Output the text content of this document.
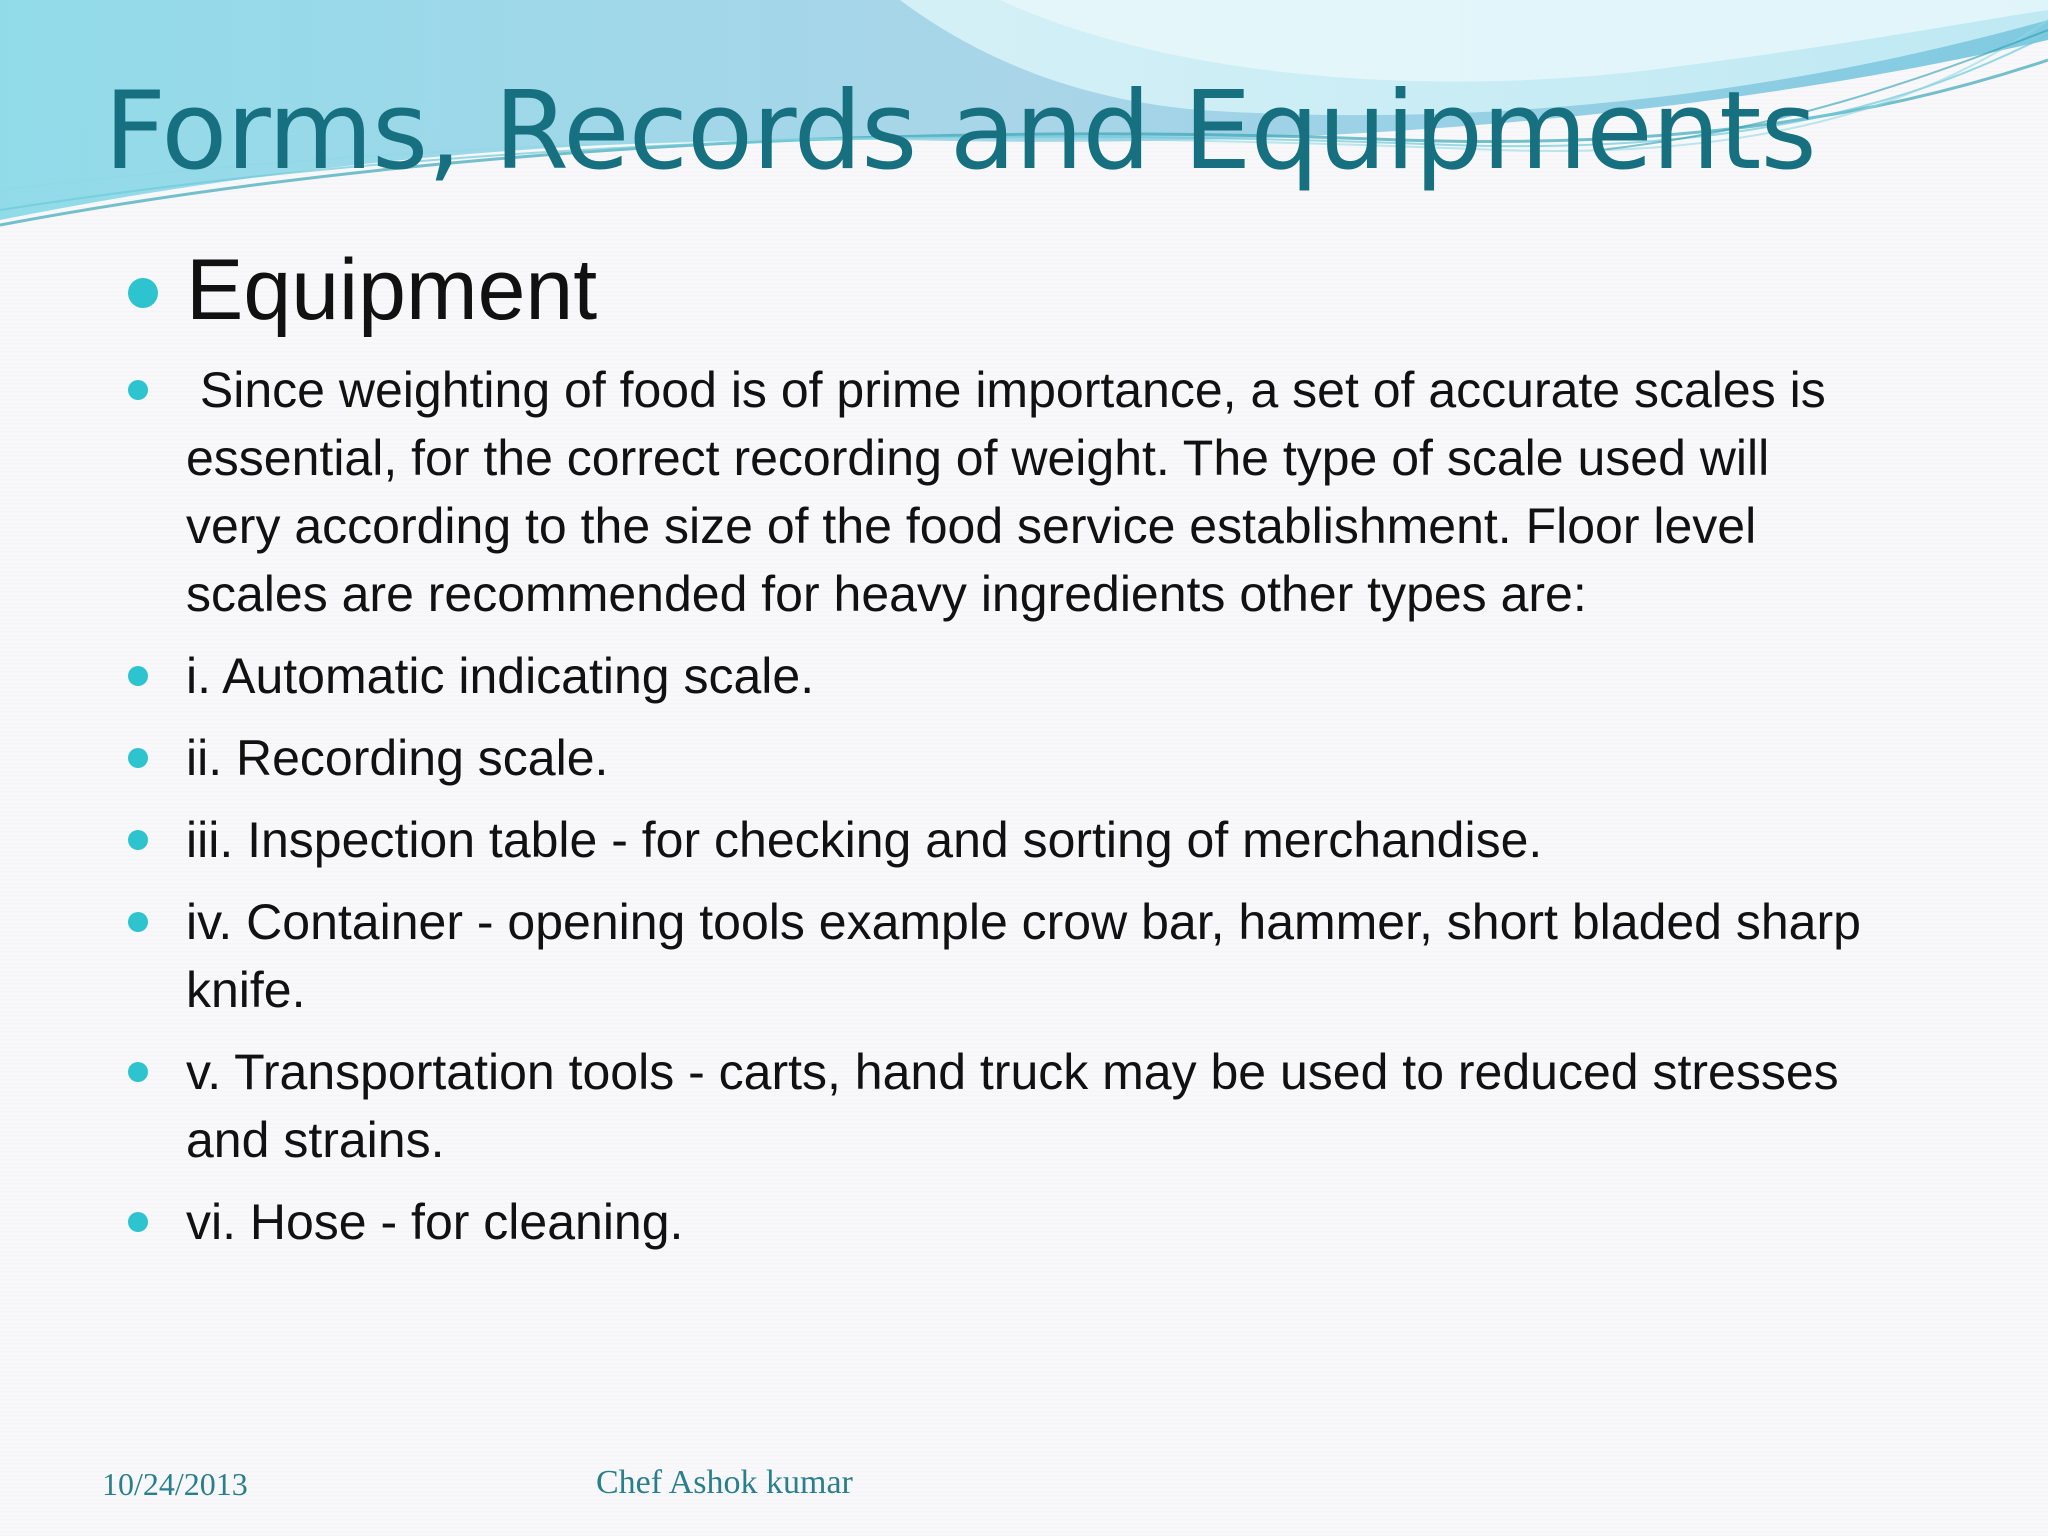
Forms, Records and Equipments
Equipment
Since weighting of food is of prime importance, a set of accurate scales is essential, for the correct recording of weight. The type of scale used will very according to the size of the food service establishment. Floor level scales are recommended for heavy ingredients other types are:
i. Automatic indicating scale.
ii. Recording scale.
iii. Inspection table - for checking and sorting of merchandise.
iv. Container - opening tools example crow bar, hammer, short bladed sharp knife.
v. Transportation tools - carts, hand truck may be used to reduced stresses and strains.
vi. Hose - for cleaning.
10/24/2013	Chef Ashok kumar
